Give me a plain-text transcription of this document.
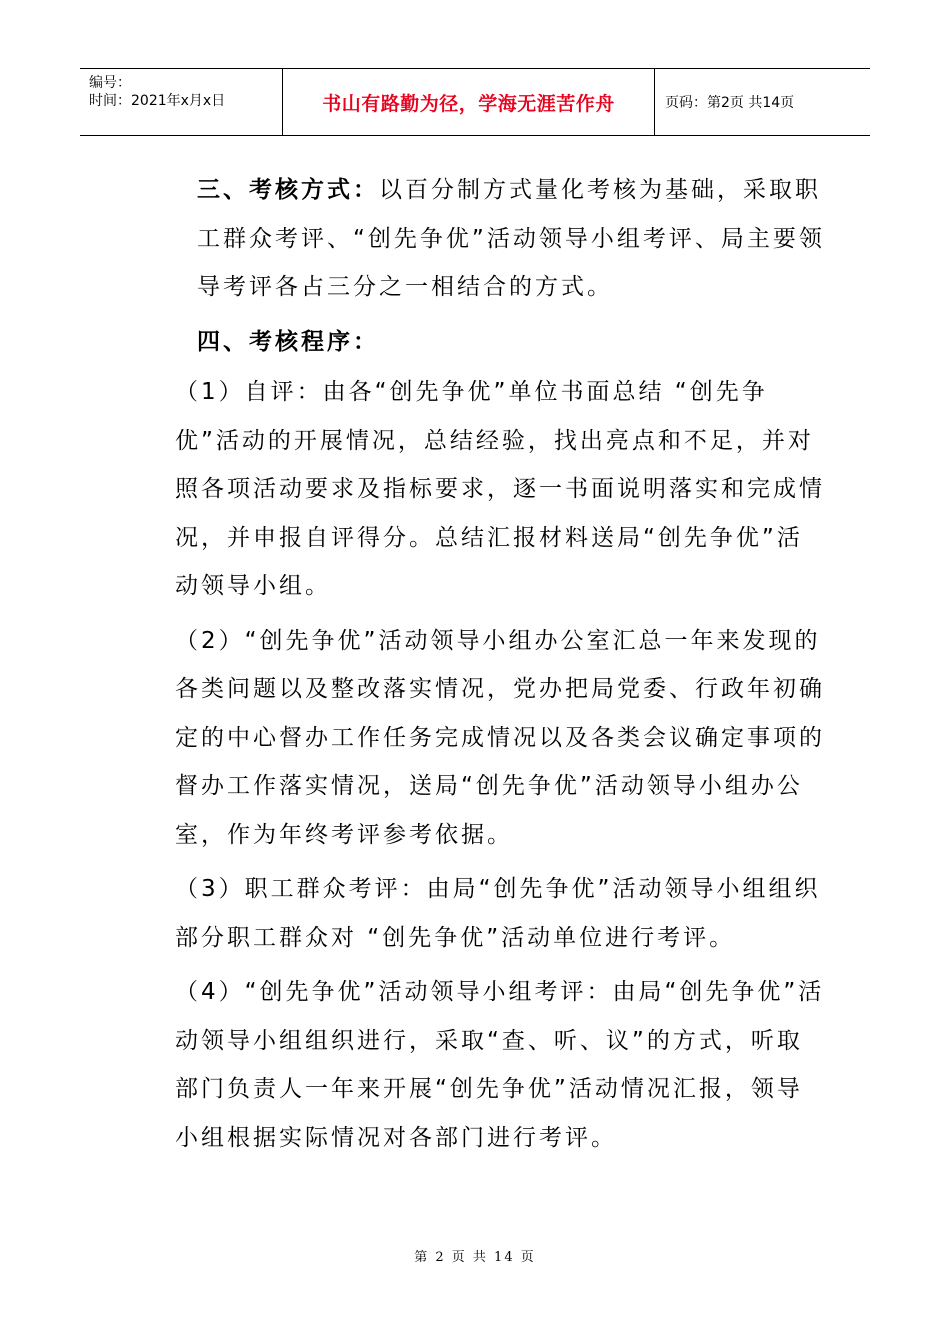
编号：
时间：2021年x月x日	书山有路勤为径，学海无涯苦作舟	页码：第2页 共14页

三、考核方式：以百分制方式量化考核为基础，采取职工群众考评、“创先争优”活动领导小组考评、局主要领导考评各占三分之一相结合的方式。

四、考核程序：

（1）自评：由各“创先争优”单位书面总结 “创先争优”活动的开展情况，总结经验，找出亮点和不足，并对照各项活动要求及指标要求，逐一书面说明落实和完成情况，并申报自评得分。总结汇报材料送局“创先争优”活动领导小组。

（2）“创先争优”活动领导小组办公室汇总一年来发现的各类问题以及整改落实情况，党办把局党委、行政年初确定的中心督办工作任务完成情况以及各类会议确定事项的督办工作落实情况，送局“创先争优”活动领导小组办公室，作为年终考评参考依据。

（3）职工群众考评：由局“创先争优”活动领导小组组织部分职工群众对 “创先争优”活动单位进行考评。

（4）“创先争优”活动领导小组考评：由局“创先争优”活动领导小组组织进行，采取“查、听、议”的方式，听取部门负责人一年来开展“创先争优”活动情况汇报，领导小组根据实际情况对各部门进行考评。

第 2 页 共 14 页
